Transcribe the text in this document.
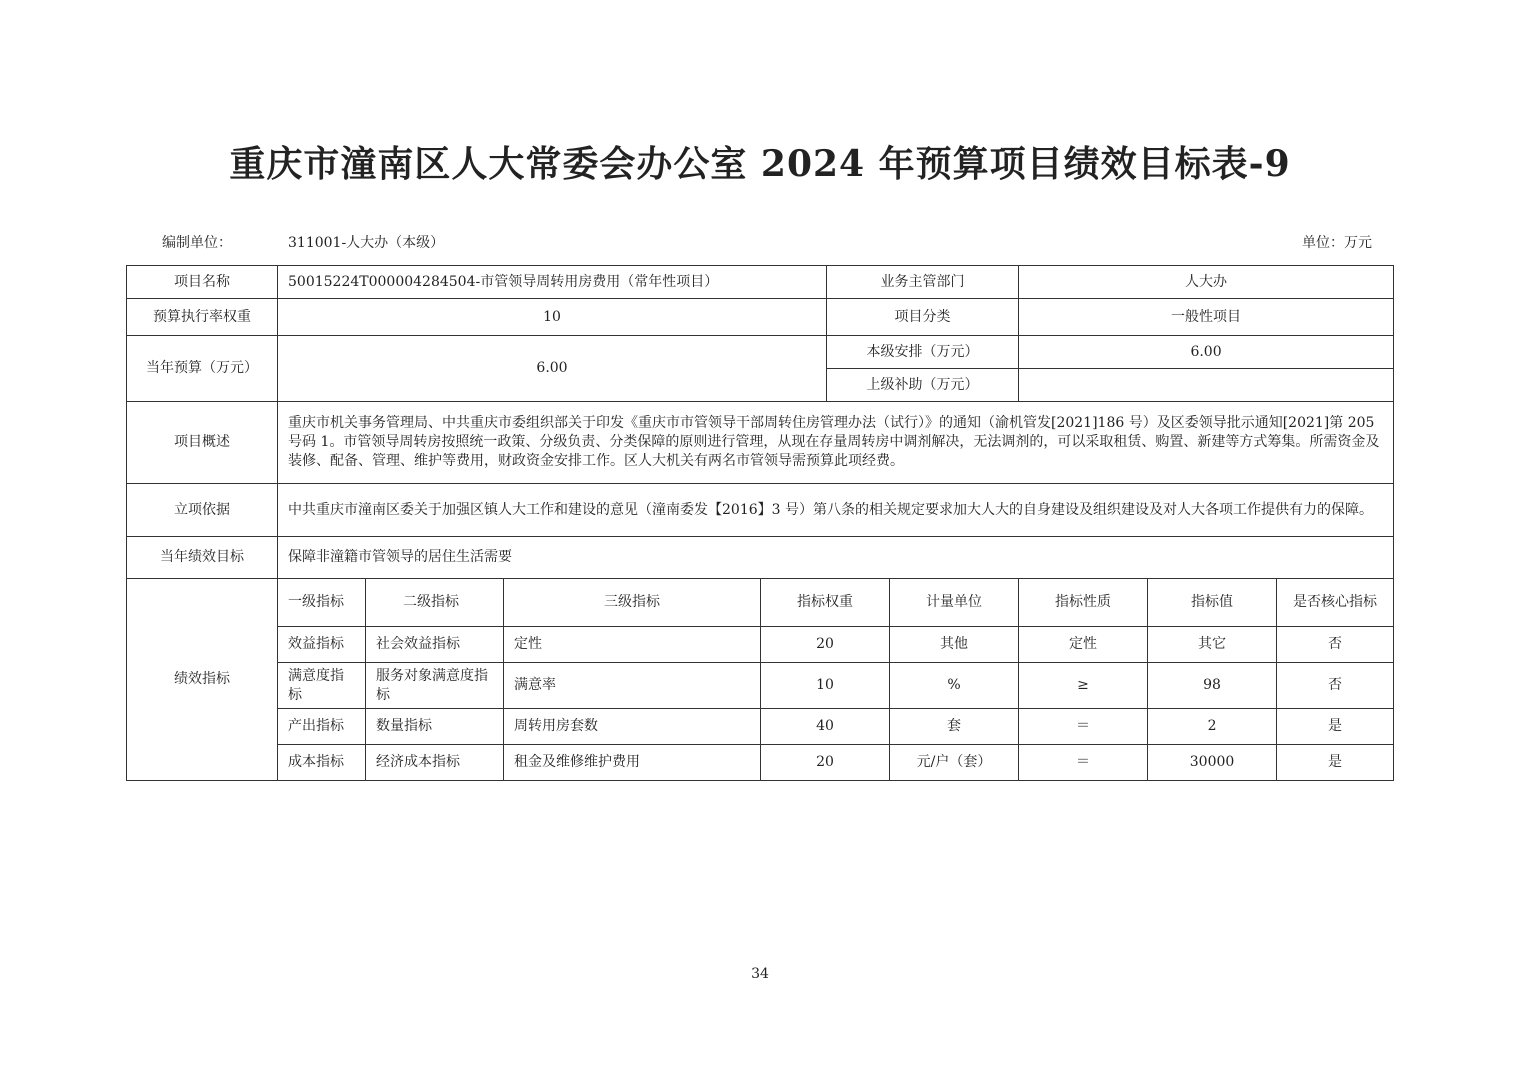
重庆市潼南区人大常委会办公室 2024 年预算项目绩效目标表-9
编制单位：	311001-人大办（本级）	单位：万元
项目名称	50015224T000004284504-市管领导周转用房费用（常年性项目）				业务主管部门		人大办		
预算执行率权重	10				项目分类		一般性项目		
当年预算（万元）	6.00				本级安排（万元）		6.00		
					上级补助（万元）				
项目概述	重庆市机关事务管理局、中共重庆市委组织部关于印发《重庆市市管领导干部周转住房管理办法（试行）》的通知（渝机管发[2021]186 号）及区委领导批示通知[2021]第 205 号码 1。市管领导周转房按照统一政策、分级负责、分类保障的原则进行管理，从现在存量周转房中调剂解决，无法调剂的，可以采取租赁、购置、新建等方式筹集。所需资金及装修、配备、管理、维护等费用，财政资金安排工作。区人大机关有两名市管领导需预算此项经费。								
立项依据	中共重庆市潼南区委关于加强区镇人大工作和建设的意见（潼南委发【2016】3 号）第八条的相关规定要求加大人大的自身建设及组织建设及对人大各项工作提供有力的保障。								
当年绩效目标	保障非潼籍市管领导的居住生活需要								
绩效指标	一级指标	二级指标	三级指标	指标权重		计量单位	指标性质	指标值	是否核心指标
	效益指标	社会效益指标	定性	20		其他	定性	其它	否
	满意度指标	服务对象满意度指标	满意率	10		%	≥	98	否
	产出指标	数量指标	周转用房套数	40		套	＝	2	是
	成本指标	经济成本指标	租金及维修维护费用	20		元/户（套）	＝	30000	是
34
